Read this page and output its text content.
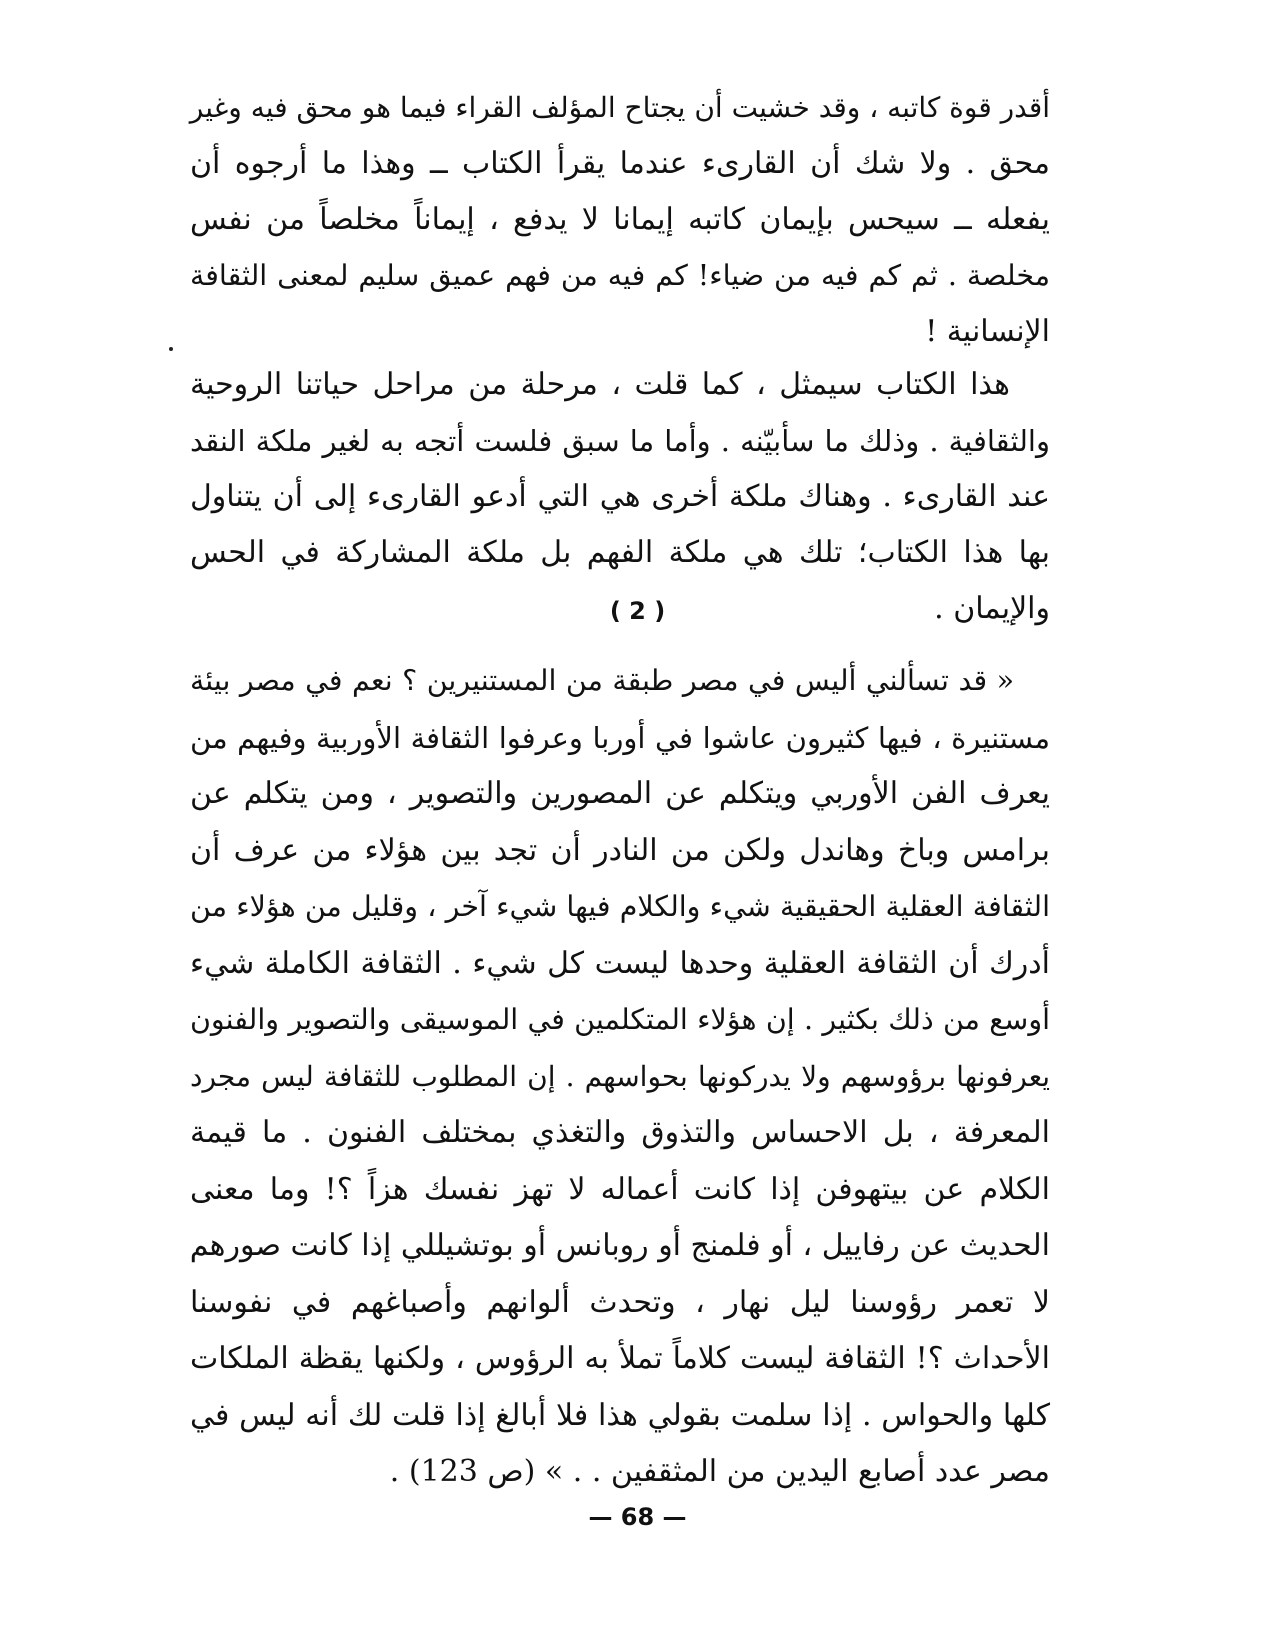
أقدر قوة كاتبه ، وقد خشيت أن يجتاح المؤلف القراء فيما هو محق فيه وغير
محق . ولا شك أن القارىء عندما يقرأ الكتاب ــ وهذا ما أرجوه أن
يفعله ــ سيحس بإيمان كاتبه إيمانا لا يدفع ، إيماناً مخلصاً من نفس
مخلصة . ثم كم فيه من ضياء! كم فيه من فهم عميق سليم لمعنى الثقافة
الإنسانية !
هذا الكتاب سيمثل ، كما قلت ، مرحلة من مراحل حياتنا الروحية
والثقافية . وذلك ما سأبيّنه . وأما ما سبق فلست أتجه به لغير ملكة النقد
عند القارىء . وهناك ملكة أخرى هي التي أدعو القارىء إلى أن يتناول
بها هذا الكتاب؛ تلك هي ملكة الفهم بل ملكة المشاركة في الحس
والإيمان .
( 2 )
« قد تسألني أليس في مصر طبقة من المستنيرين ؟ نعم في مصر بيئة
مستنيرة ، فيها كثيرون عاشوا في أوربا وعرفوا الثقافة الأوربية وفيهم من
يعرف الفن الأوربي ويتكلم عن المصورين والتصوير ، ومن يتكلم عن
برامس وباخ وهاندل ولكن من النادر أن تجد بين هؤلاء من عرف أن
الثقافة العقلية الحقيقية شيء والكلام فيها شيء آخر ، وقليل من هؤلاء من
أدرك أن الثقافة العقلية وحدها ليست كل شيء . الثقافة الكاملة شيء
أوسع من ذلك بكثير . إن هؤلاء المتكلمين في الموسيقى والتصوير والفنون
يعرفونها برؤوسهم ولا يدركونها بحواسهم . إن المطلوب للثقافة ليس مجرد
المعرفة ، بل الاحساس والتذوق والتغذي بمختلف الفنون . ما قيمة
الكلام عن بيتهوفن إذا كانت أعماله لا تهز نفسك هزاً ؟! وما معنى
الحديث عن رفاييل ، أو فلمنج أو روبانس أو بوتشيللي إذا كانت صورهم
لا تعمر رؤوسنا ليل نهار ، وتحدث ألوانهم وأصباغهم في نفوسنا
الأحداث ؟! الثقافة ليست كلاماً تملأ به الرؤوس ، ولكنها يقظة الملكات
كلها والحواس . إذا سلمت بقولي هذا فلا أبالغ إذا قلت لك أنه ليس في
مصر عدد أصابع اليدين من المثقفين . . » (ص 123) .
— 68 —
